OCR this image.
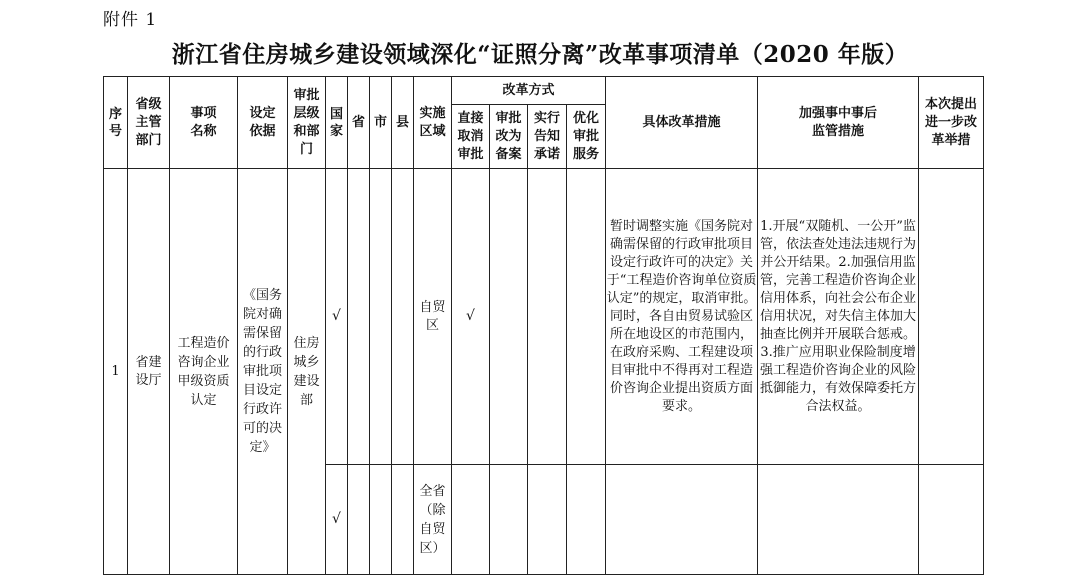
附件 1
浙江省住房城乡建设领域深化“证照分离”改革事项清单（2020 年版）
序号	省级主管部门	事项名称	设定依据	审批层级和部门	国家	省	市	县	实施区域	改革方式				具体改革措施	加强事中事后监管措施	本次提出进一步改革举措

										直接取消审批	审批改为备案	实行告知承诺	优化审批服务			

1	省建设厅	工程造价咨询企业甲级资质认定	《国务院对确需保留的行政审批项目设定行政许可的决定》	住房城乡建设部	√				自贸区	√				暂时调整实施《国务院对确需保留的行政审批项目设定行政许可的决定》关于“工程造价咨询单位资质认定”的规定，取消审批。同时，各自由贸易试验区所在地设区的市范围内，在政府采购、工程建设项目审批中不得再对工程造价咨询企业提出资质方面要求。	1.开展“双随机、一公开”监管，依法查处违法违规行为并公开结果。2.加强信用监管，完善工程造价咨询企业信用体系，向社会公布企业信用状况，对失信主体加大抽查比例并开展联合惩戒。3.推广应用职业保险制度增强工程造价咨询企业的风险抵御能力，有效保障委托方合法权益。	
					√				全省（除自贸区）							
